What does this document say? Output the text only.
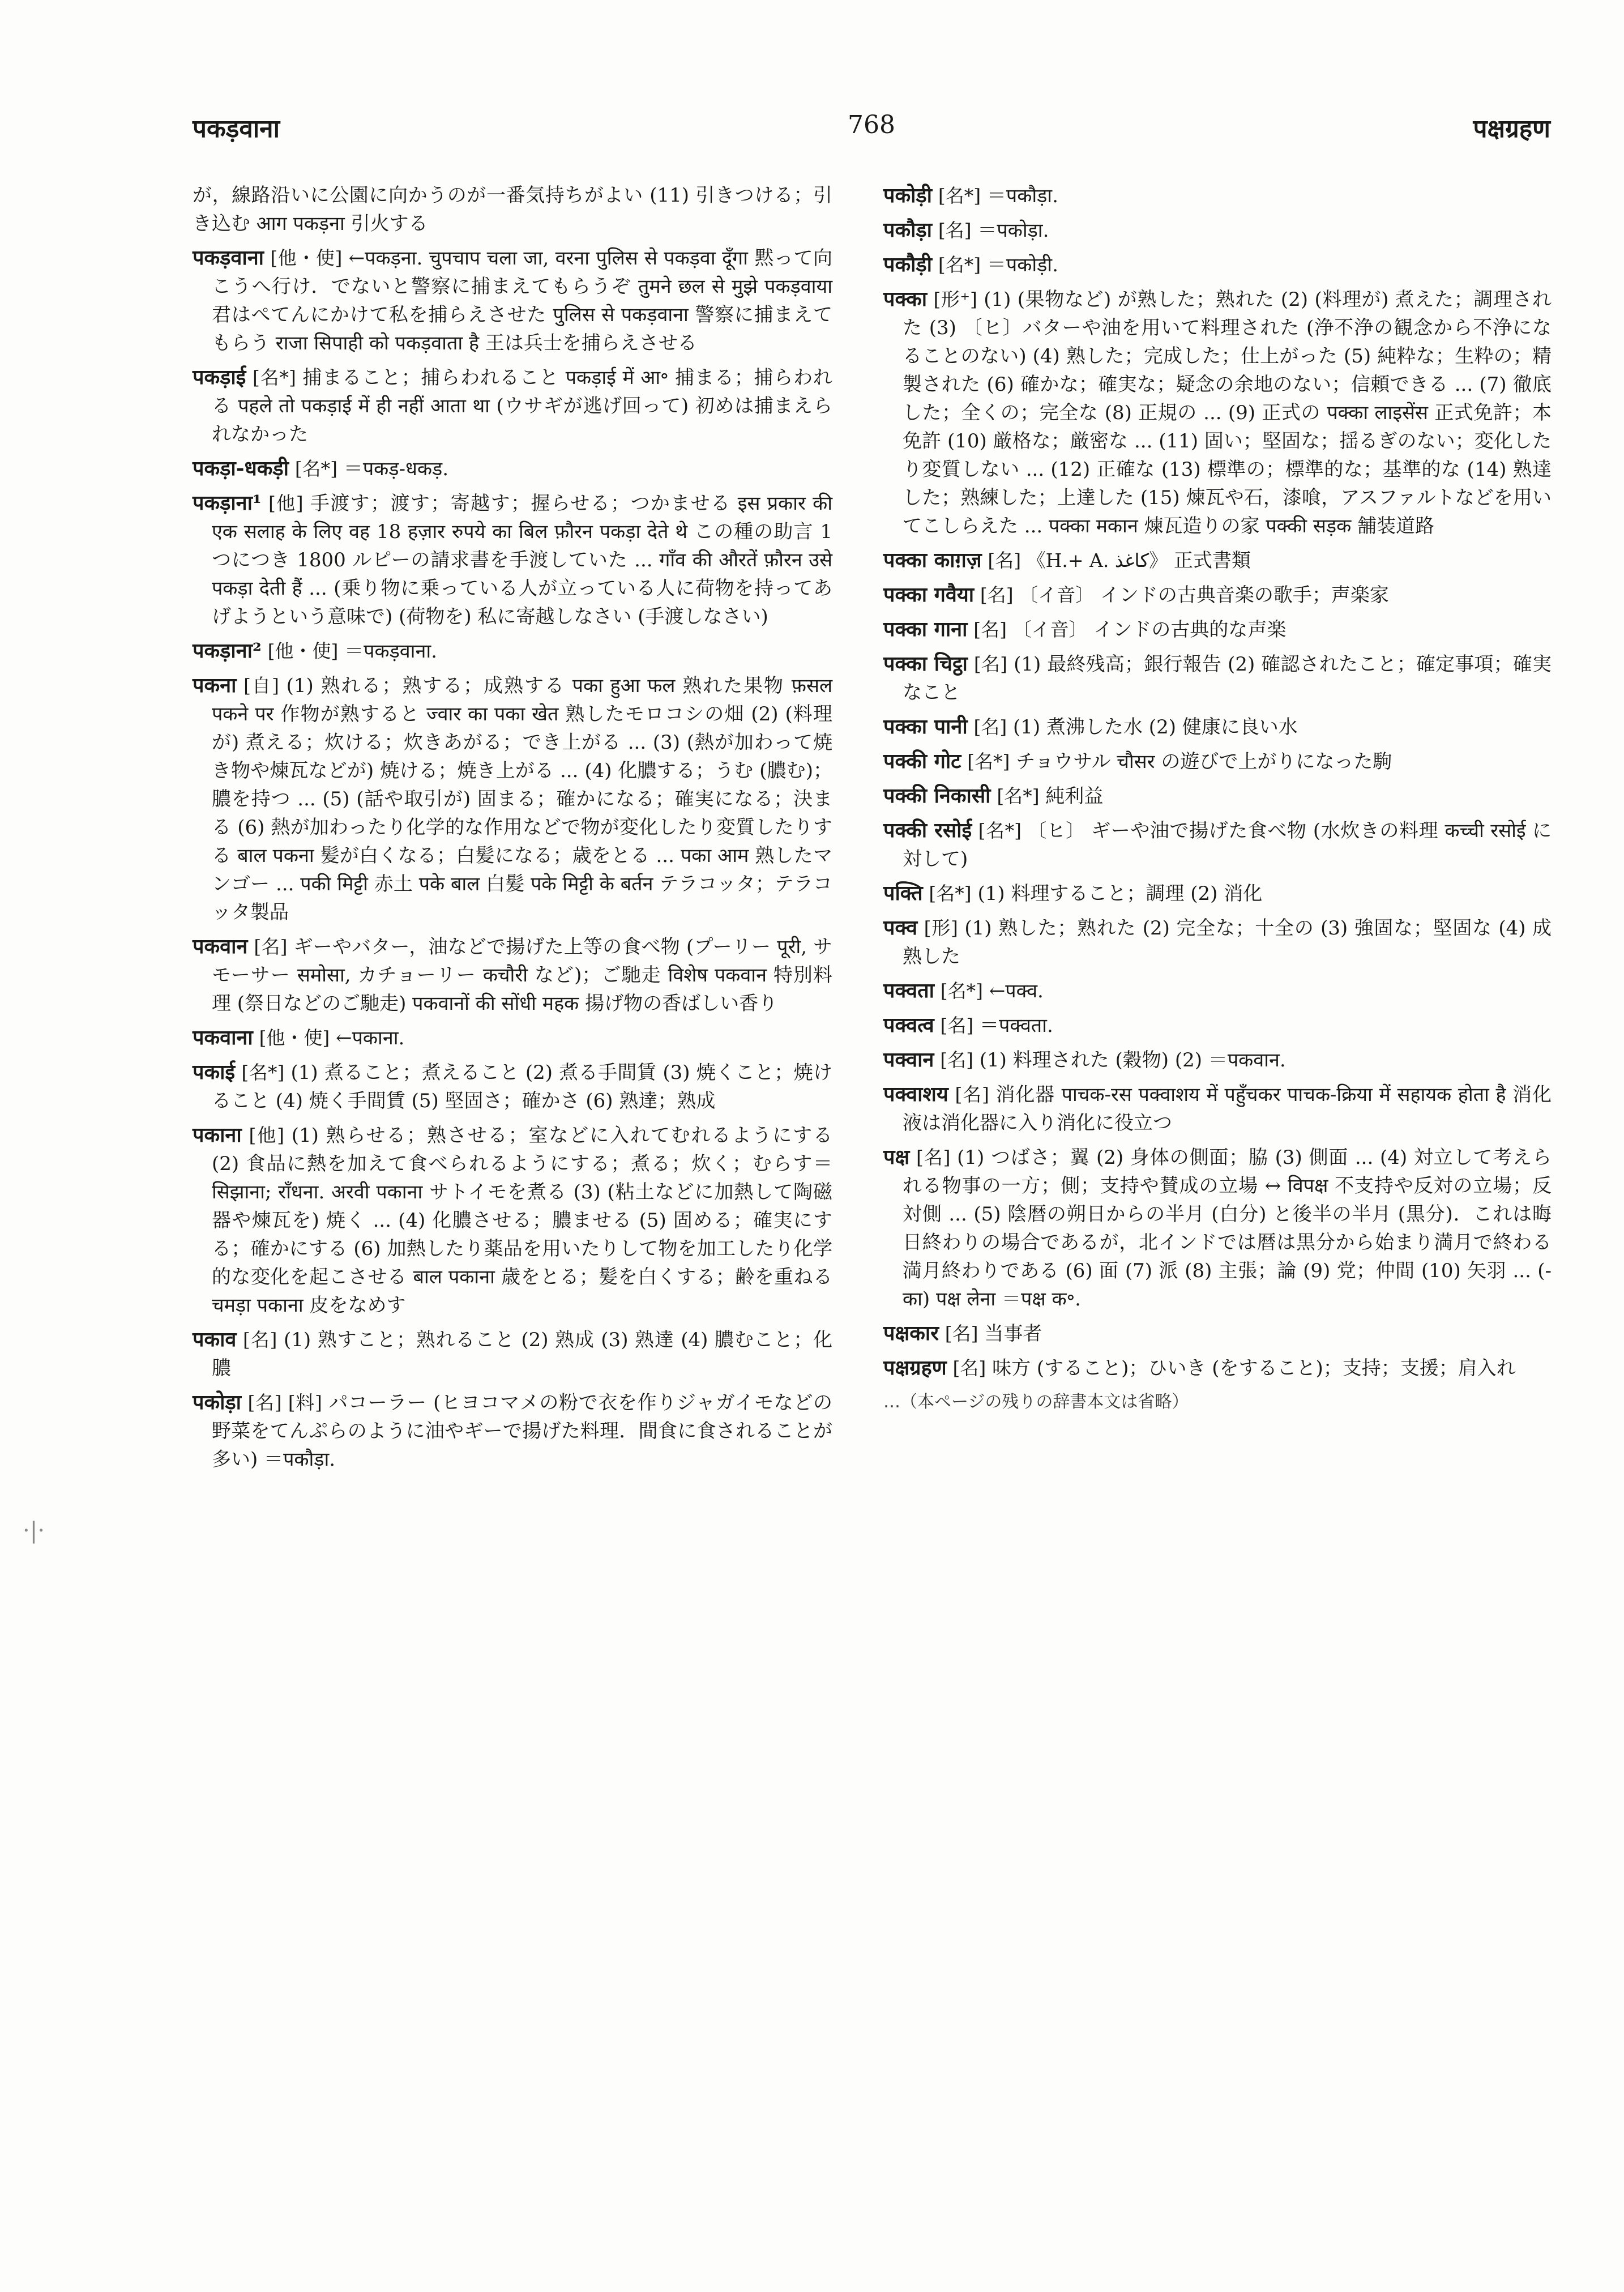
पकड़वाना	768	पक्षग्रहण
が，線路沿いに公園に向かうのが一番気持ちがよい (11) 引きつける；引き込む आग पकड़ना 引火する
पकड़वाना [他・使] ←पकड़ना. चुपचाप चला जा, वरना पुलिस से पकड़वा दूँगा 黙って向こうへ行け．でないと警察に捕まえてもらうぞ तुमने छल से मुझे पकड़वाया 君はぺてんにかけて私を捕らえさせた पुलिस से पकड़वाना 警察に捕まえてもらう राजा सिपाही को पकड़वाता है 王は兵士を捕らえさせる
पकड़ाई [名*] 捕まること；捕らわれること पकड़ाई में आ॰ 捕まる；捕らわれる पहले तो पकड़ाई में ही नहीं आता था (ウサギが逃げ回って) 初めは捕まえられなかった
पकड़ा-धकड़ी [名*] ＝पकड़-धकड़.
पकड़ाना¹ [他] 手渡す；渡す；寄越す；握らせる；つかませる इस प्रकार की एक सलाह के लिए वह 18 हज़ार रुपये का बिल फ़ौरन पकड़ा देते थे この種の助言 1 つにつき 1800 ルピーの請求書を手渡していた ... गाँव की औरतें फ़ौरन उसे पकड़ा देती हैं ... (乗り物に乗っている人が立っている人に荷物を持ってあげようという意味で) (荷物を) 私に寄越しなさい (手渡しなさい)
पकड़ाना² [他・使] ＝पकड़वाना.
पकना [自] (1) 熟れる；熟する；成熟する पका हुआ फल 熟れた果物 फ़सल पकने पर 作物が熟すると ज्वार का पका खेत 熟したモロコシの畑 (2) (料理が) 煮える；炊ける；炊きあがる；でき上がる ... (3) (熱が加わって焼き物や煉瓦などが) 焼ける；焼き上がる ... (4) 化膿する；うむ (膿む)；膿を持つ ... (5) (話や取引が) 固まる；確かになる；確実になる；決まる (6) 熱が加わったり化学的な作用などで物が変化したり変質したりする बाल पकना 髪が白くなる；白髪になる；歳をとる ... पका आम 熟したマンゴー ... पकी मिट्टी 赤土 पके बाल 白髪 पके मिट्टी के बर्तन テラコッタ；テラコッタ製品
पकवान [名] ギーやバター，油などで揚げた上等の食べ物 (プーリー पूरी, サモーサー समोसा, カチョーリー कचौरी など)；ご馳走 विशेष पकवान 特別料理 (祭日などのご馳走) पकवानों की सोंधी महक 揚げ物の香ばしい香り
पकवाना [他・使] ←पकाना.
पकाई [名*] (1) 煮ること；煮えること (2) 煮る手間賃 (3) 焼くこと；焼けること (4) 焼く手間賃 (5) 堅固さ；確かさ (6) 熟達；熟成
पकाना [他] (1) 熟らせる；熟させる；室などに入れてむれるようにする (2) 食品に熱を加えて食べられるようにする；煮る；炊く；むらす＝सिझाना; राँधना. अरवी पकाना サトイモを煮る (3) (粘土などに加熱して陶磁器や煉瓦を) 焼く ... (4) 化膿させる；膿ませる (5) 固める；確実にする；確かにする (6) 加熱したり薬品を用いたりして物を加工したり化学的な変化を起こさせる बाल पकाना 歳をとる；髪を白くする；齢を重ねる चमड़ा पकाना 皮をなめす
पकाव [名] (1) 熟すこと；熟れること (2) 熟成 (3) 熟達 (4) 膿むこと；化膿
पकोड़ा [名] [料] パコーラー (ヒヨコマメの粉で衣を作りジャガイモなどの野菜をてんぷらのように油やギーで揚げた料理．間食に食されることが多い) ＝पकौड़ा.
पकोड़ी [名*] ＝पकौड़ा.
पकौड़ा [名] ＝पकोड़ा.
पकौड़ी [名*] ＝पकोड़ी.
पक्का [形⁺] (1) (果物など) が熟した；熟れた (2) (料理が) 煮えた；調理された (3) 〔ヒ〕バターや油を用いて料理された (浄不浄の観念から不浄になることのない) (4) 熟した；完成した；仕上がった (5) 純粋な；生粋の；精製された (6) 確かな；確実な；疑念の余地のない；信頼できる ... (7) 徹底した；全くの；完全な (8) 正規の ... (9) 正式の पक्का लाइसेंस 正式免許；本免許 (10) 厳格な；厳密な ... (11) 固い；堅固な；揺るぎのない；変化したり変質しない ... (12) 正確な (13) 標準の；標準的な；基準的な (14) 熟達した；熟練した；上達した (15) 煉瓦や石，漆喰，アスファルトなどを用いてこしらえた ... पक्का मकान 煉瓦造りの家 पक्की सड़क 舗装道路
पक्का काग़ज़ [名] 《H.+ A. کاغذ》 正式書類
पक्का गवैया [名] 〔イ音〕 インドの古典音楽の歌手；声楽家
पक्का गाना [名] 〔イ音〕 インドの古典的な声楽
पक्का चिट्ठा [名] (1) 最終残高；銀行報告 (2) 確認されたこと；確定事項；確実なこと
पक्का पानी [名] (1) 煮沸した水 (2) 健康に良い水
पक्की गोट [名*] チョウサル चौसर の遊びで上がりになった駒
पक्की निकासी [名*] 純利益
पक्की रसोई [名*] 〔ヒ〕 ギーや油で揚げた食べ物 (水炊きの料理 कच्ची रसोई に対して)
पक्ति [名*] (1) 料理すること；調理 (2) 消化
पक्व [形] (1) 熟した；熟れた (2) 完全な；十全の (3) 強固な；堅固な (4) 成熟した
पक्वता [名*] ←पक्व.
पक्वत्व [名] ＝पक्वता.
पक्वान [名] (1) 料理された (穀物) (2) ＝पकवान.
पक्वाशय [名] 消化器 पाचक-रस पक्वाशय में पहुँचकर पाचक-क्रिया में सहायक होता है 消化液は消化器に入り消化に役立つ
पक्ष [名] (1) つばさ；翼 (2) 身体の側面；脇 (3) 側面 ... (4) 対立して考えられる物事の一方；側；支持や賛成の立場 ↔ विपक्ष 不支持や反対の立場；反対側 ... (5) 陰暦の朔日からの半月 (白分) と後半の半月 (黒分)．これは晦日終わりの場合であるが，北インドでは暦は黒分から始まり満月で終わる満月終わりである (6) 面 (7) 派 (8) 主張；論 (9) 党；仲間 (10) 矢羽 ... (-का) पक्ष लेना ＝पक्ष क॰.
पक्षकार [名] 当事者
पक्षग्रहण [名] 味方 (すること)；ひいき (をすること)；支持；支援；肩入れ
…（本ページの残りの辞書本文は省略）
·|·
